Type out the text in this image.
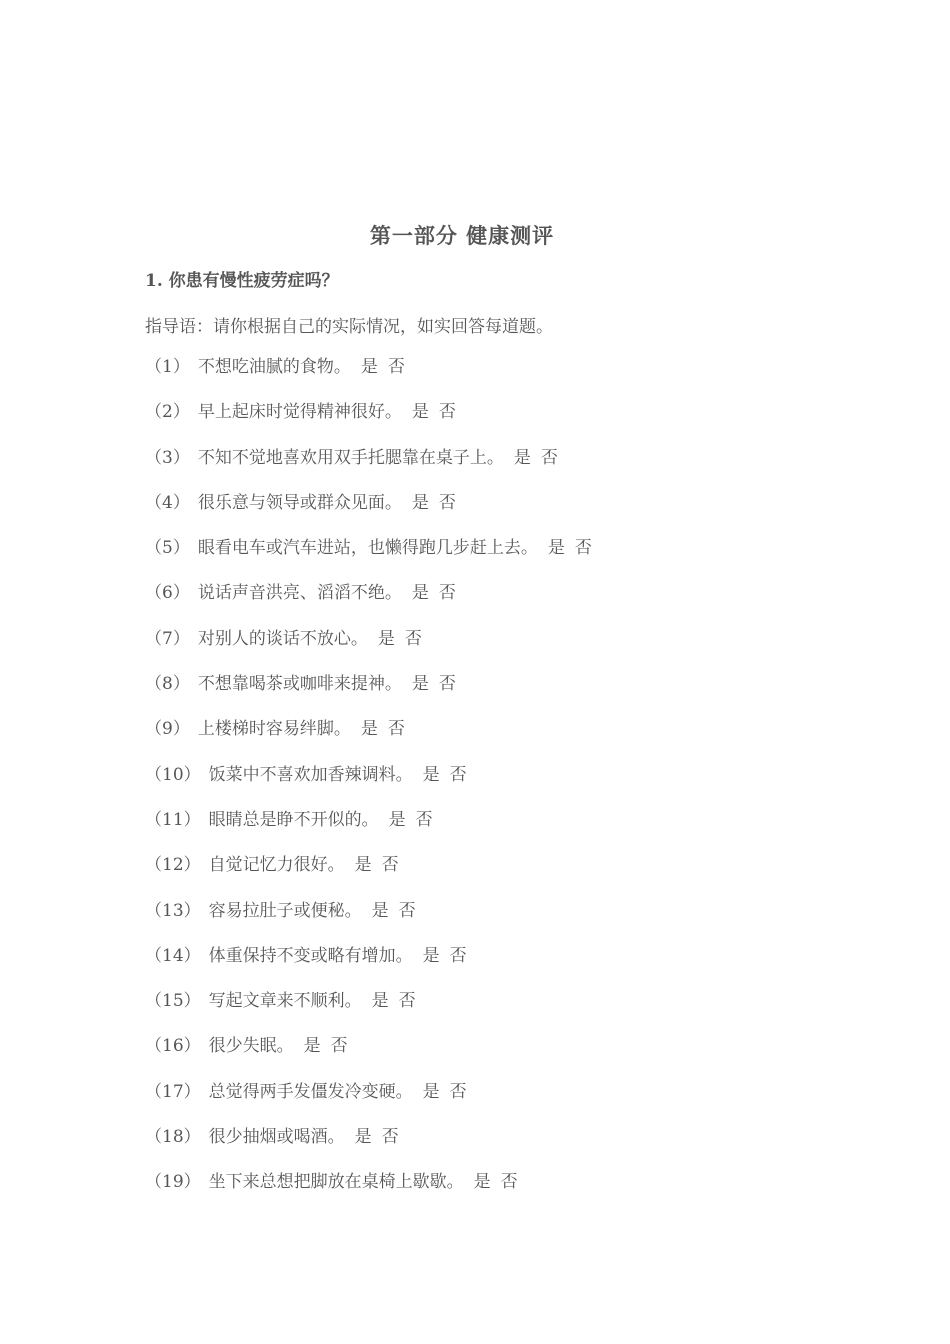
第一部分 健康测评
1. 你患有慢性疲劳症吗？
指导语：请你根据自己的实际情况，如实回答每道题。
（1） 不想吃油腻的食物。 是 否
（2） 早上起床时觉得精神很好。 是 否
（3） 不知不觉地喜欢用双手托腮靠在桌子上。 是 否
（4） 很乐意与领导或群众见面。 是 否
（5） 眼看电车或汽车进站，也懒得跑几步赶上去。 是 否
（6） 说话声音洪亮、滔滔不绝。 是 否
（7） 对别人的谈话不放心。 是 否
（8） 不想靠喝茶或咖啡来提神。 是 否
（9） 上楼梯时容易绊脚。 是 否
（10） 饭菜中不喜欢加香辣调料。 是 否
（11） 眼睛总是睁不开似的。 是 否
（12） 自觉记忆力很好。 是 否
（13） 容易拉肚子或便秘。 是 否
（14） 体重保持不变或略有增加。 是 否
（15） 写起文章来不顺利。 是 否
（16） 很少失眠。 是 否
（17） 总觉得两手发僵发冷变硬。 是 否
（18） 很少抽烟或喝酒。 是 否
（19） 坐下来总想把脚放在桌椅上歇歇。 是 否
